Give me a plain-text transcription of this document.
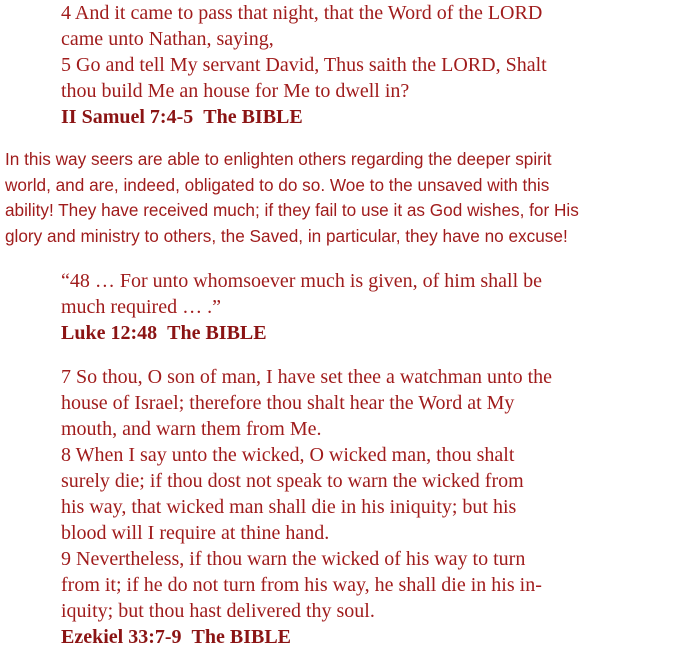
4 And it came to pass that night, that the Word of the LORD
came unto Nathan, saying,
5 Go and tell My servant David, Thus saith the LORD, Shalt
thou build Me an house for Me to dwell in?
II Samuel 7:4-5 The BIBLE
In this way seers are able to enlighten others regarding the deeper spirit
world, and are, indeed, obligated to do so. Woe to the unsaved with this
ability! They have received much; if they fail to use it as God wishes, for His
glory and ministry to others, the Saved, in particular, they have no excuse!
“48 … For unto whomsoever much is given, of him shall be
much required … .”
Luke 12:48 The BIBLE
7 So thou, O son of man, I have set thee a watchman unto the
house of Israel; therefore thou shalt hear the Word at My
mouth, and warn them from Me.
8 When I say unto the wicked, O wicked man, thou shalt
surely die; if thou dost not speak to warn the wicked from
his way, that wicked man shall die in his iniquity; but his
blood will I require at thine hand.
9 Nevertheless, if thou warn the wicked of his way to turn
from it; if he do not turn from his way, he shall die in his in-
iquity; but thou hast delivered thy soul.
Ezekiel 33:7-9 The BIBLE
